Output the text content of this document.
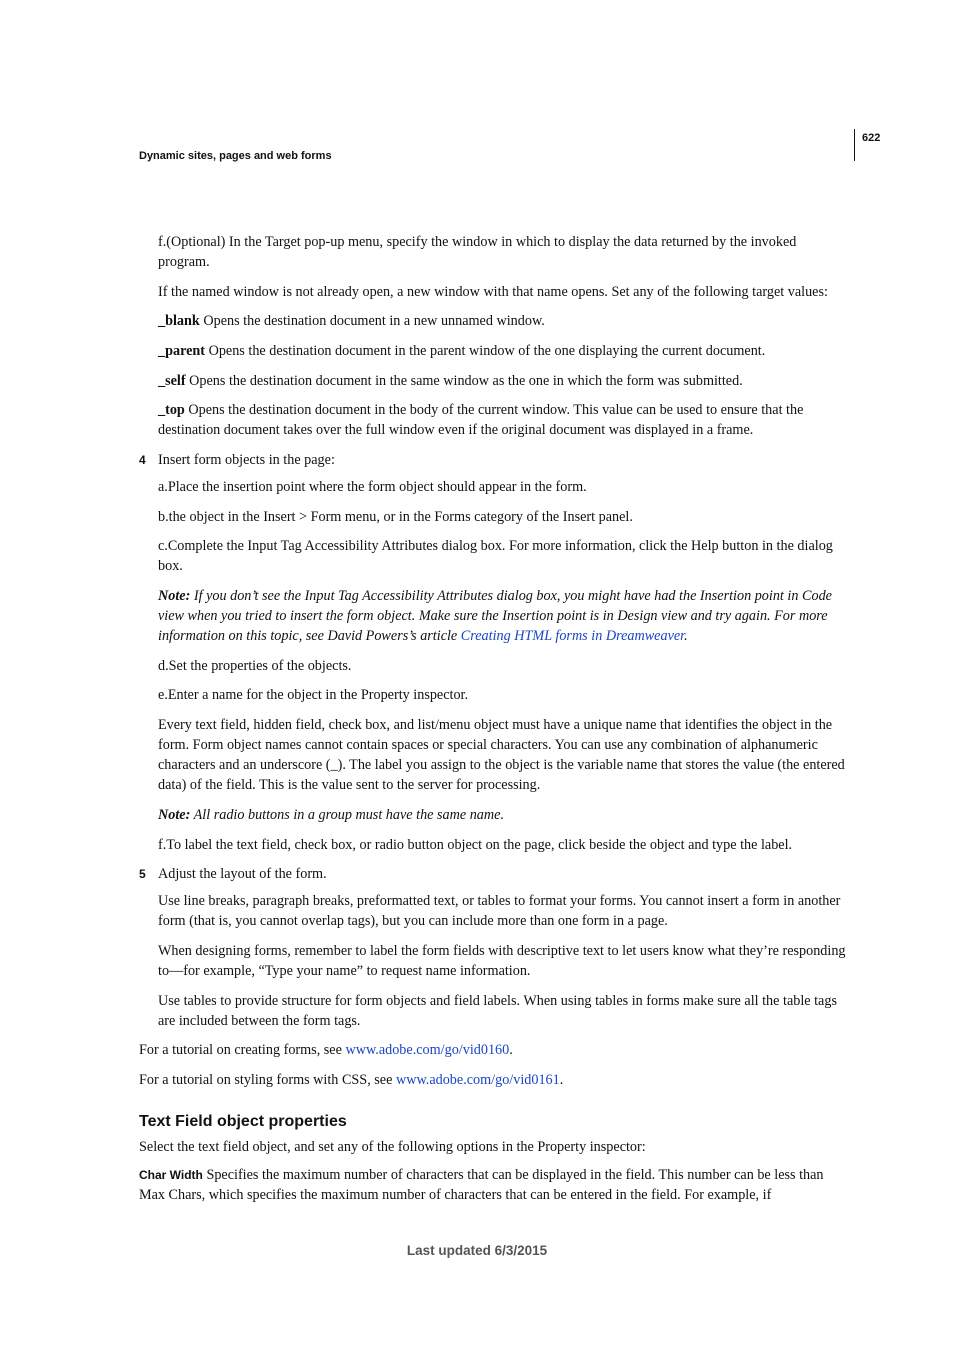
Dynamic sites, pages and web forms
622

f.(Optional) In the Target pop-up menu, specify the window in which to display the data returned by the invoked program.

If the named window is not already open, a new window with that name opens. Set any of the following target values:

_blank Opens the destination document in a new unnamed window.

_parent Opens the destination document in the parent window of the one displaying the current document.

_self Opens the destination document in the same window as the one in which the form was submitted.

_top Opens the destination document in the body of the current window. This value can be used to ensure that the destination document takes over the full window even if the original document was displayed in a frame.

4 Insert form objects in the page:

a.Place the insertion point where the form object should appear in the form.

b.the object in the Insert > Form menu, or in the Forms category of the Insert panel.

c.Complete the Input Tag Accessibility Attributes dialog box. For more information, click the Help button in the dialog box.

Note: If you don’t see the Input Tag Accessibility Attributes dialog box, you might have had the Insertion point in Code view when you tried to insert the form object. Make sure the Insertion point is in Design view and try again. For more information on this topic, see David Powers’s article Creating HTML forms in Dreamweaver.

d.Set the properties of the objects.

e.Enter a name for the object in the Property inspector.

Every text field, hidden field, check box, and list/menu object must have a unique name that identifies the object in the form. Form object names cannot contain spaces or special characters. You can use any combination of alphanumeric characters and an underscore (_). The label you assign to the object is the variable name that stores the value (the entered data) of the field. This is the value sent to the server for processing.

Note: All radio buttons in a group must have the same name.

f.To label the text field, check box, or radio button object on the page, click beside the object and type the label.

5 Adjust the layout of the form.

Use line breaks, paragraph breaks, preformatted text, or tables to format your forms. You cannot insert a form in another form (that is, you cannot overlap tags), but you can include more than one form in a page.

When designing forms, remember to label the form fields with descriptive text to let users know what they’re responding to—for example, “Type your name” to request name information.

Use tables to provide structure for form objects and field labels. When using tables in forms make sure all the table tags are included between the form tags.

For a tutorial on creating forms, see www.adobe.com/go/vid0160.

For a tutorial on styling forms with CSS, see www.adobe.com/go/vid0161.

Text Field object properties

Select the text field object, and set any of the following options in the Property inspector:

Char Width Specifies the maximum number of characters that can be displayed in the field. This number can be less than Max Chars, which specifies the maximum number of characters that can be entered in the field. For example, if

Last updated 6/3/2015
